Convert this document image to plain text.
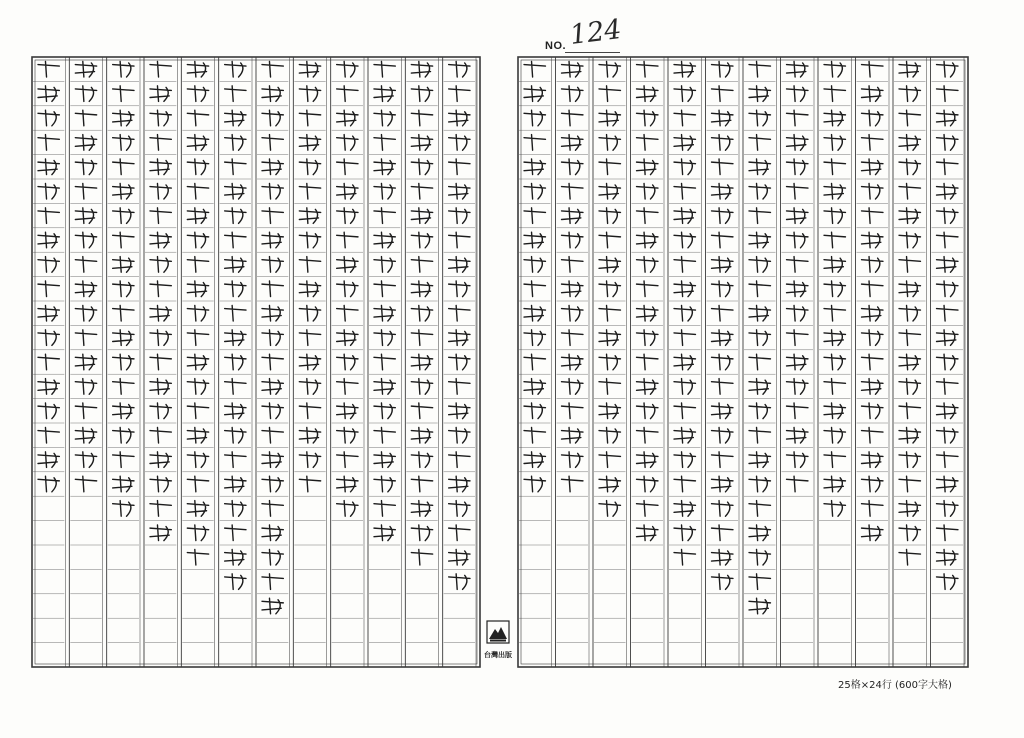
NO. 124
台灣出版
25格×24行 (600字大格)
